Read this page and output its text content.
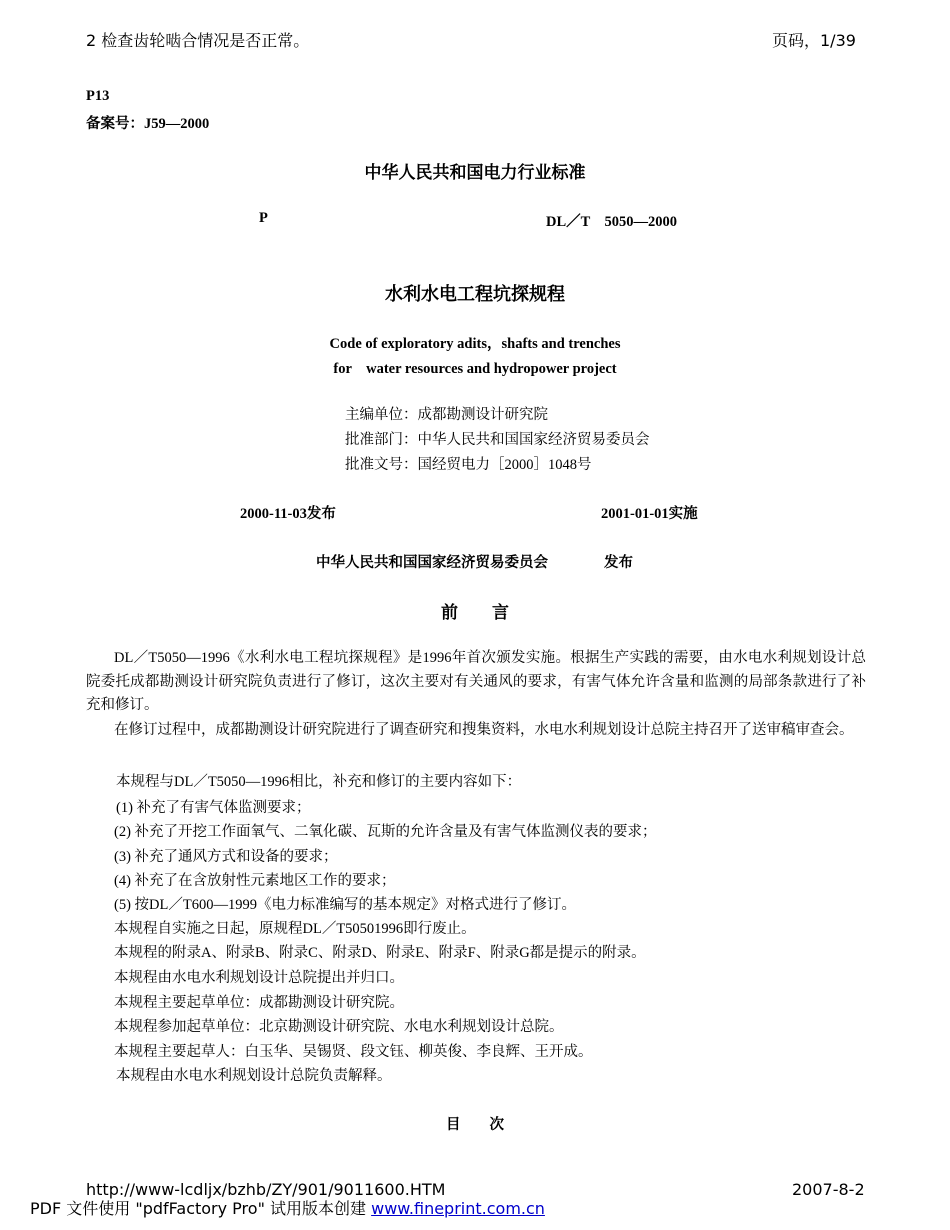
2 检查齿轮啮合情况是否正常。	页码，1/39
P13
备案号：J59—2000
中华人民共和国电力行业标准
P	DL／T　5050—2000
水利水电工程坑探规程
Code of exploratory adits，shafts and trenches
for　water resources and hydropower project
主编单位：成都勘测设计研究院
批准部门：中华人民共和国国家经济贸易委员会
批准文号：国经贸电力［2000］1048号
2000-11-03发布	2001-01-01实施
中华人民共和国国家经济贸易委员会	发布
前　　言
DL／T5050—1996《水利水电工程坑探规程》是1996年首次颁发实施。根据生产实践的需要，由水电水利规划设计总院委托成都勘测设计研究院负责进行了修订，这次主要对有关通风的要求，有害气体允许含量和监测的局部条款进行了补充和修订。
在修订过程中，成都勘测设计研究院进行了调查研究和搜集资料，水电水利规划设计总院主持召开了送审稿审查会。
本规程与DL／T5050—1996相比，补充和修订的主要内容如下：
(1) 补充了有害气体监测要求；
(2) 补充了开挖工作面氧气、二氧化碳、瓦斯的允许含量及有害气体监测仪表的要求；
(3) 补充了通风方式和设备的要求；
(4) 补充了在含放射性元素地区工作的要求；
(5) 按DL／T600—1999《电力标准编写的基本规定》对格式进行了修订。
本规程自实施之日起，原规程DL／T50501996即行废止。
本规程的附录A、附录B、附录C、附录D、附录E、附录F、附录G都是提示的附录。
本规程由水电水利规划设计总院提出并归口。
本规程主要起草单位：成都勘测设计研究院。
本规程参加起草单位：北京勘测设计研究院、水电水利规划设计总院。
本规程主要起草人：白玉华、吴锡贤、段文钰、柳英俊、李良辉、王开成。
本规程由水电水利规划设计总院负责解释。
目　　次
http://www-lcdljx/bzhb/ZY/901/9011600.HTM	2007-8-2
PDF 文件使用 "pdfFactory Pro" 试用版本创建 www.fineprint.com.cn
